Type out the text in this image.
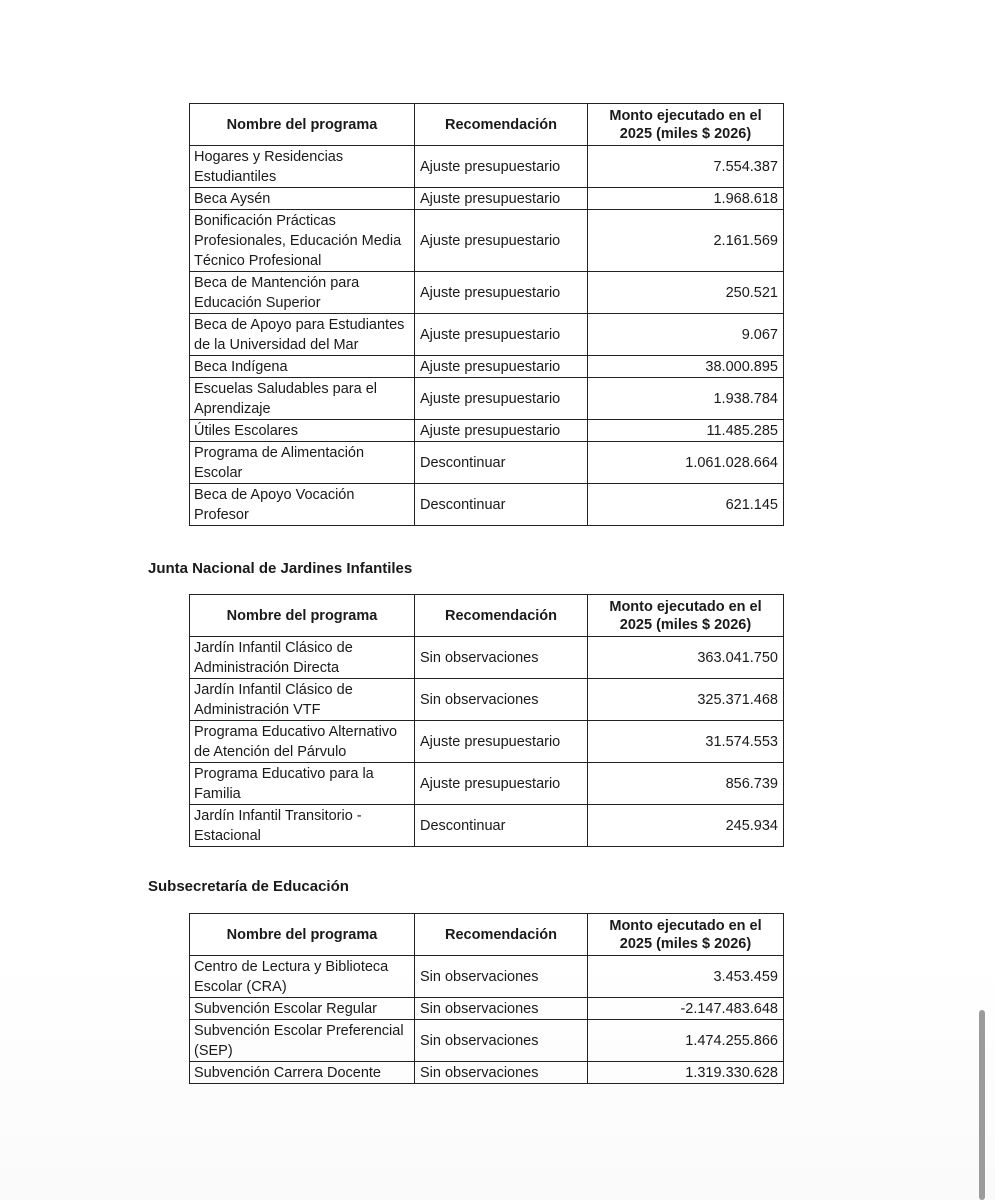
Nombre del programa	Recomendación	Monto ejecutado en el 2025 (miles $ 2026)
Hogares y Residencias Estudiantiles	Ajuste presupuestario	7.554.387
Beca Aysén	Ajuste presupuestario	1.968.618
Bonificación Prácticas Profesionales, Educación Media Técnico Profesional	Ajuste presupuestario	2.161.569
Beca de Mantención para Educación Superior	Ajuste presupuestario	250.521
Beca de Apoyo para Estudiantes de la Universidad del Mar	Ajuste presupuestario	9.067
Beca Indígena	Ajuste presupuestario	38.000.895
Escuelas Saludables para el Aprendizaje	Ajuste presupuestario	1.938.784
Útiles Escolares	Ajuste presupuestario	11.485.285
Programa de Alimentación Escolar	Descontinuar	1.061.028.664
Beca de Apoyo Vocación Profesor	Descontinuar	621.145
Junta Nacional de Jardines Infantiles
Nombre del programa	Recomendación	Monto ejecutado en el 2025 (miles $ 2026)
Jardín Infantil Clásico de Administración Directa	Sin observaciones	363.041.750
Jardín Infantil Clásico de Administración VTF	Sin observaciones	325.371.468
Programa Educativo Alternativo de Atención del Párvulo	Ajuste presupuestario	31.574.553
Programa Educativo para la Familia	Ajuste presupuestario	856.739
Jardín Infantil Transitorio - Estacional	Descontinuar	245.934
Subsecretaría de Educación
Nombre del programa	Recomendación	Monto ejecutado en el 2025 (miles $ 2026)
Centro de Lectura y Biblioteca Escolar (CRA)	Sin observaciones	3.453.459
Subvención Escolar Regular	Sin observaciones	-2.147.483.648
Subvención Escolar Preferencial (SEP)	Sin observaciones	1.474.255.866
Subvención Carrera Docente	Sin observaciones	1.319.330.628
